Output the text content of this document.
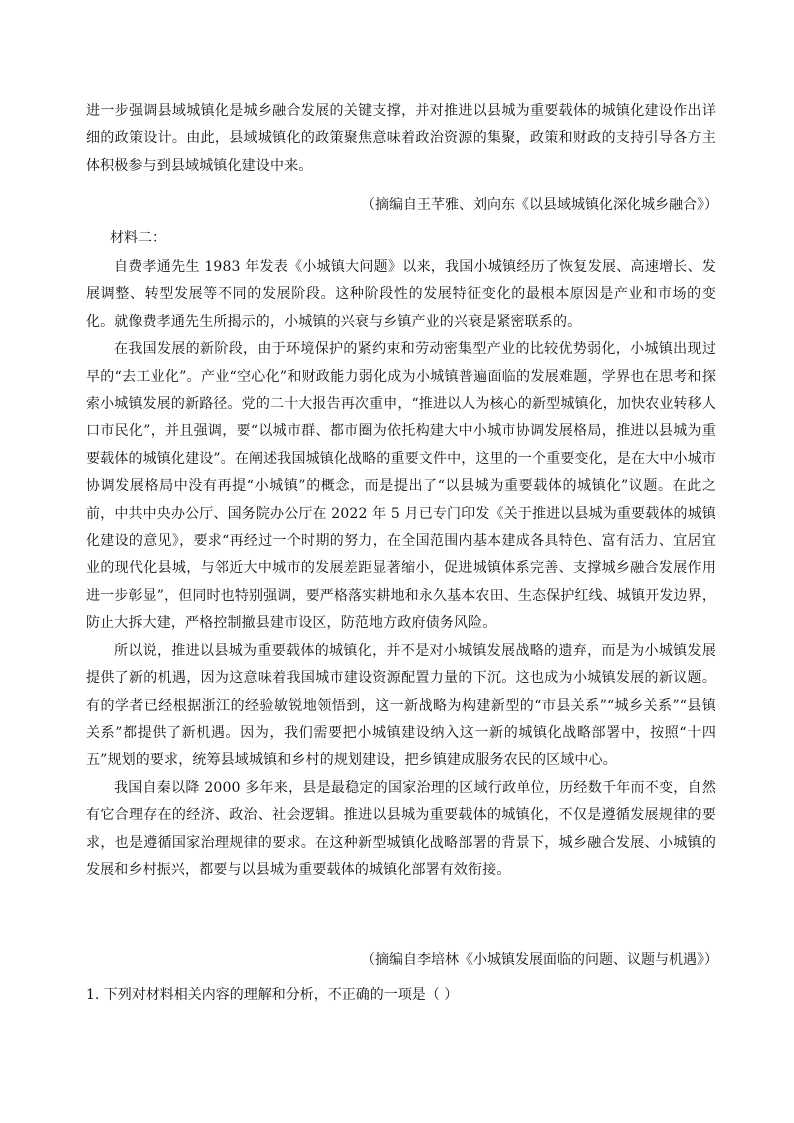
进一步强调县域城镇化是城乡融合发展的关键支撑，并对推进以县城为重要载体的城镇化建设作出详细的政策设计。由此，县域城镇化的政策聚焦意味着政治资源的集聚，政策和财政的支持引导各方主体积极参与到县域城镇化建设中来。

（摘编自王芊雅、刘向东《以县域城镇化深化城乡融合》）
材料二：

自费孝通先生 1983 年发表《小城镇大问题》以来，我国小城镇经历了恢复发展、高速增长、发展调整、转型发展等不同的发展阶段。这种阶段性的发展特征变化的最根本原因是产业和市场的变化。就像费孝通先生所揭示的，小城镇的兴衰与乡镇产业的兴衰是紧密联系的。

在我国发展的新阶段，由于环境保护的紧约束和劳动密集型产业的比较优势弱化，小城镇出现过早的“去工业化”。产业“空心化”和财政能力弱化成为小城镇普遍面临的发展难题，学界也在思考和探索小城镇发展的新路径。党的二十大报告再次重申，“推进以人为核心的新型城镇化，加快农业转移人口市民化”，并且强调，要“以城市群、都市圈为依托构建大中小城市协调发展格局，推进以县城为重要载体的城镇化建设”。在阐述我国城镇化战略的重要文件中，这里的一个重要变化，是在大中小城市协调发展格局中没有再提“小城镇”的概念，而是提出了“以县城为重要载体的城镇化”议题。在此之前，中共中央办公厅、国务院办公厅在 2022 年 5 月已专门印发《关于推进以县城为重要载体的城镇化建设的意见》，要求“再经过一个时期的努力，在全国范围内基本建成各具特色、富有活力、宜居宜业的现代化县城，与邻近大中城市的发展差距显著缩小，促进城镇体系完善、支撑城乡融合发展作用进一步彰显”，但同时也特别强调，要严格落实耕地和永久基本农田、生态保护红线、城镇开发边界，防止大拆大建，严格控制撤县建市设区，防范地方政府债务风险。

所以说，推进以县城为重要载体的城镇化，并不是对小城镇发展战略的遗弃，而是为小城镇发展提供了新的机遇，因为这意味着我国城市建设资源配置力量的下沉。这也成为小城镇发展的新议题。有的学者已经根据浙江的经验敏锐地领悟到，这一新战略为构建新型的“市县关系”“城乡关系”“县镇关系”都提供了新机遇。因为，我们需要把小城镇建设纳入这一新的城镇化战略部署中，按照“十四五”规划的要求，统筹县域城镇和乡村的规划建设，把乡镇建成服务农民的区域中心。

我国自秦以降 2000 多年来，县是最稳定的国家治理的区域行政单位，历经数千年而不变，自然有它合理存在的经济、政治、社会逻辑。推进以县城为重要载体的城镇化，不仅是遵循发展规律的要求，也是遵循国家治理规律的要求。在这种新型城镇化战略部署的背景下，城乡融合发展、小城镇的发展和乡村振兴，都要与以县城为重要载体的城镇化部署有效衔接。

（摘编自李培林《小城镇发展面临的问题、议题与机遇》）
1. 下列对材料相关内容的理解和分析，不正确的一项是（ ）
